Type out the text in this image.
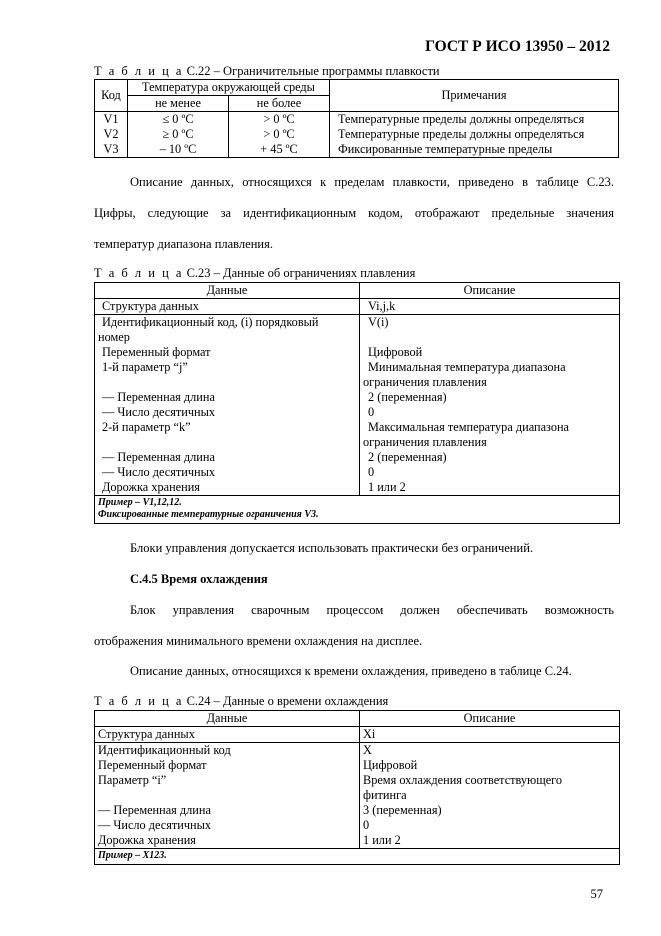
ГОСТ Р ИСО 13950 – 2012
Т а б л и ц а С.22 – Ограничительные программы плавкости
Код	Температура окружающей среды		Примечания
	не менее	не более	
V1	≤ 0 ºC	> 0 ºC	Температурные пределы должны определяться
V2	≥ 0 ºC	> 0 ºC	Температурные пределы должны определяться
V3	– 10 ºC	+ 45 ºC	Фиксированные температурные пределы
Описание данных, относящихся к пределам плавкости, приведено в таблице С.23.
Цифры, следующие за идентификационным кодом, отображают предельные значения
температур диапазона плавления.
Т а б л и ц а С.23 – Данные об ограничениях плавления
Данные	Описание
Структура данных	Vi,j,k

Идентификационный код, (i) порядковый
номер	V(i)
Переменный формат	Цифровой
1-й параметр “j”	Минимальная температура диапазона
ограничения плавления

— Переменная длина	2 (переменная)
— Число десятичных	0
2-й параметр “k”	Максимальная температура диапазона
ограничения плавления

— Переменная длина	2 (переменная)
— Число десятичных	0
Дорожка хранения	1 или 2

Пример – V1,12,12.
Фиксированные температурные ограничения V3.	
Блоки управления допускается использовать практически без ограничений.
С.4.5 Время охлаждения
Блок управления сварочным процессом должен обеспечивать возможность
отображения минимального времени охлаждения на дисплее.
Описание данных, относящихся к времени охлаждения, приведено в таблице С.24.
Т а б л и ц а С.24 – Данные о времени охлаждения
Данные	Описание
Структура данных	Xi
Идентификационный код	X
Переменный формат	Цифровой
Параметр “i”	Время охлаждения соответствующего
фитинга

— Переменная длина	3 (переменная)
— Число десятичных	0
Дорожка хранения	1 или 2
Пример – X123.	
57
